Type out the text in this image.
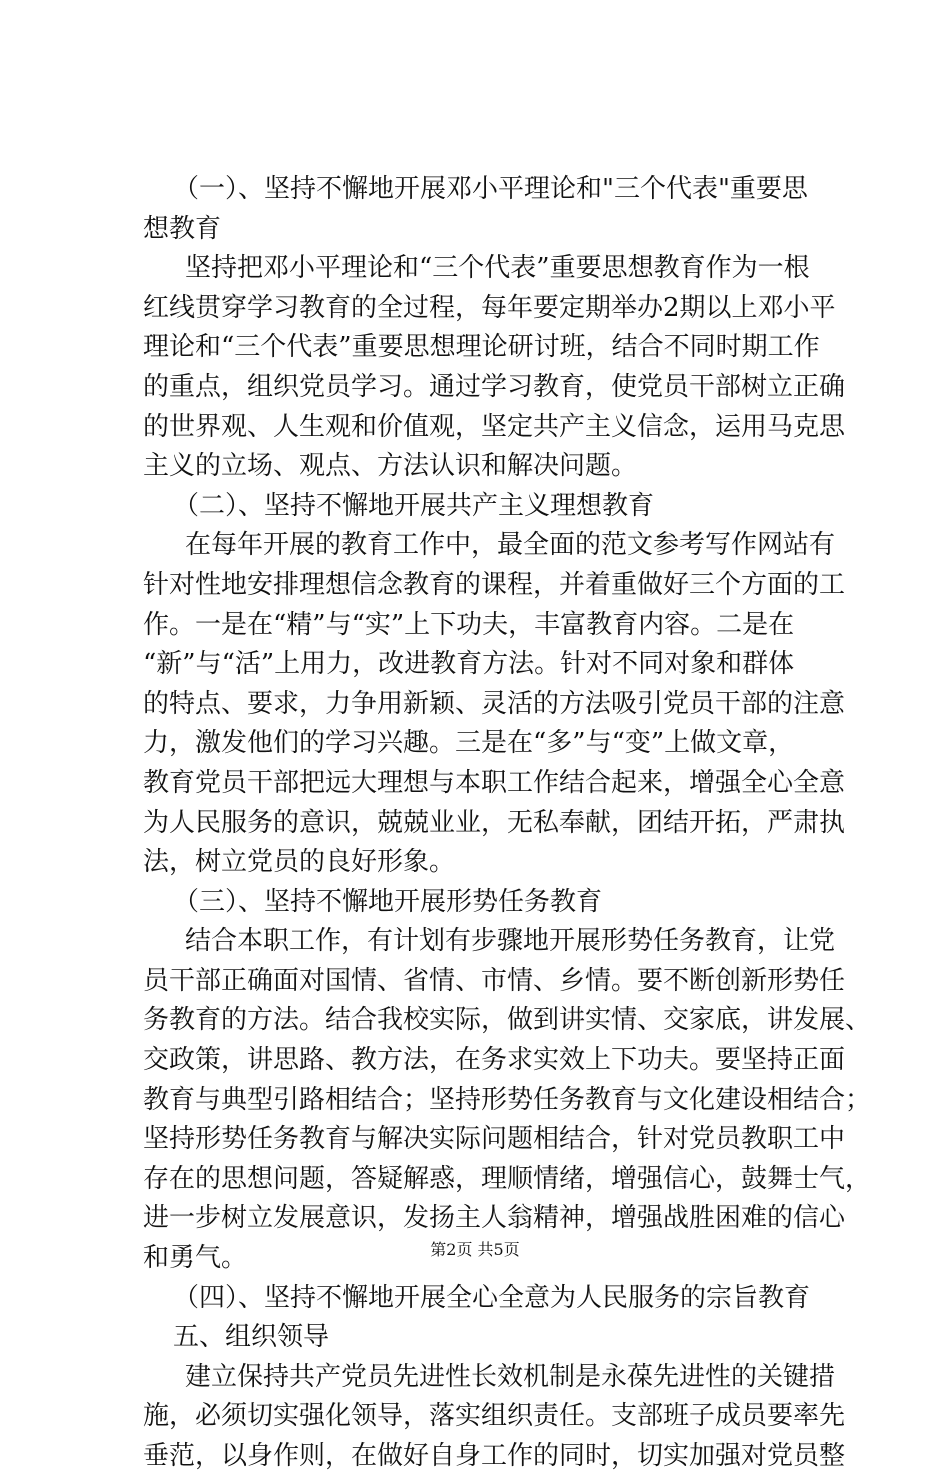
（一）、坚持不懈地开展邓小平理论和"三个代表"重要思
想教育
坚持把邓小平理论和“三个代表”重要思想教育作为一根
红线贯穿学习教育的全过程，每年要定期举办2期以上邓小平
理论和“三个代表”重要思想理论研讨班，结合不同时期工作
的重点，组织党员学习。通过学习教育，使党员干部树立正确
的世界观、人生观和价值观，坚定共产主义信念，运用马克思
主义的立场、观点、方法认识和解决问题。
（二）、坚持不懈地开展共产主义理想教育
在每年开展的教育工作中，最全面的范文参考写作网站有
针对性地安排理想信念教育的课程，并着重做好三个方面的工
作。一是在“精”与“实”上下功夫，丰富教育内容。二是在
“新”与“活”上用力，改进教育方法。针对不同对象和群体
的特点、要求，力争用新颖、灵活的方法吸引党员干部的注意
力，激发他们的学习兴趣。三是在“多”与“变”上做文章，
教育党员干部把远大理想与本职工作结合起来，增强全心全意
为人民服务的意识，兢兢业业，无私奉献，团结开拓，严肃执
法，树立党员的良好形象。
（三）、坚持不懈地开展形势任务教育
结合本职工作，有计划有步骤地开展形势任务教育，让党
员干部正确面对国情、省情、市情、乡情。要不断创新形势任
务教育的方法。结合我校实际，做到讲实情、交家底，讲发展、
交政策，讲思路、教方法，在务求实效上下功夫。要坚持正面
教育与典型引路相结合；坚持形势任务教育与文化建设相结合；
坚持形势任务教育与解决实际问题相结合，针对党员教职工中
存在的思想问题，答疑解惑，理顺情绪，增强信心，鼓舞士气，
进一步树立发展意识，发扬主人翁精神，增强战胜困难的信心
和勇气。
（四）、坚持不懈地开展全心全意为人民服务的宗旨教育
五、组织领导
建立保持共产党员先进性长效机制是永葆先进性的关键措
施，必须切实强化领导，落实组织责任。支部班子成员要率先
垂范，以身作则，在做好自身工作的同时，切实加强对党员整
第2页 共5页
